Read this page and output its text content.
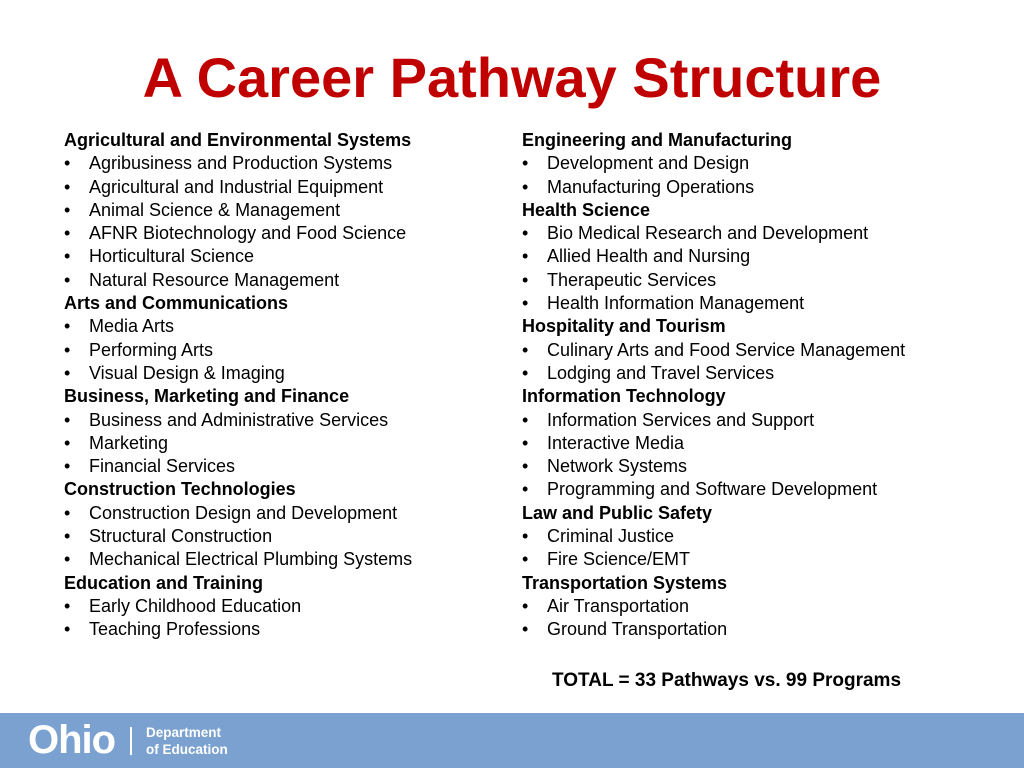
A Career Pathway Structure
Agricultural and Environmental Systems
• Agribusiness and Production Systems
• Agricultural and Industrial Equipment
• Animal Science & Management
• AFNR Biotechnology and Food Science
• Horticultural Science
• Natural Resource Management
Arts and Communications
• Media Arts
• Performing Arts
• Visual Design & Imaging
Business, Marketing and Finance
• Business and Administrative Services
• Marketing
• Financial Services
Construction Technologies
• Construction Design and Development
• Structural Construction
• Mechanical Electrical Plumbing Systems
Education and Training
• Early Childhood Education
• Teaching Professions
Engineering and Manufacturing
• Development and Design
• Manufacturing Operations
Health Science
• Bio Medical Research and Development
• Allied Health and Nursing
• Therapeutic Services
• Health Information Management
Hospitality and Tourism
• Culinary Arts and Food Service Management
• Lodging and Travel Services
Information Technology
• Information Services and Support
• Interactive Media
• Network Systems
• Programming and Software Development
Law and Public Safety
• Criminal Justice
• Fire Science/EMT
Transportation Systems
• Air Transportation
• Ground Transportation
TOTAL = 33 Pathways vs. 99 Programs
Ohio Department
of Education
